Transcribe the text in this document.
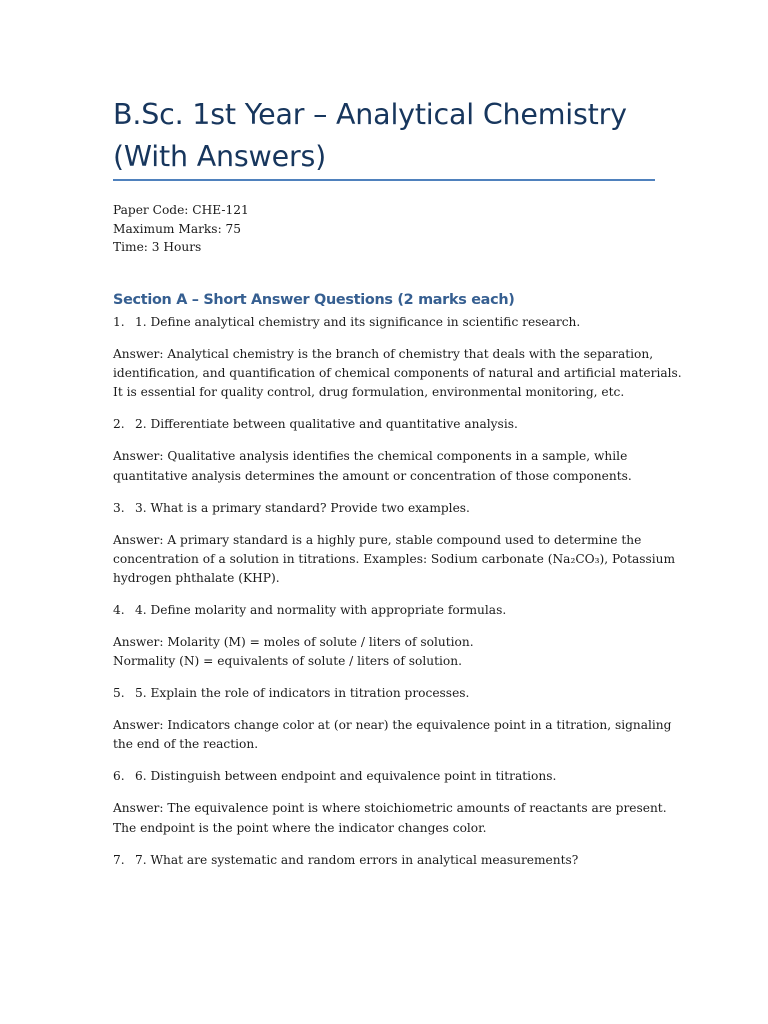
B.Sc. 1st Year – Analytical Chemistry (With Answers)
Paper Code: CHE-121
Maximum Marks: 75
Time: 3 Hours
Section A – Short Answer Questions (2 marks each)
1. 1. Define analytical chemistry and its significance in scientific research.
Answer: Analytical chemistry is the branch of chemistry that deals with the separation,
identification, and quantification of chemical components of natural and artificial materials.
It is essential for quality control, drug formulation, environmental monitoring, etc.
2. 2. Differentiate between qualitative and quantitative analysis.
Answer: Qualitative analysis identifies the chemical components in a sample, while
quantitative analysis determines the amount or concentration of those components.
3. 3. What is a primary standard? Provide two examples.
Answer: A primary standard is a highly pure, stable compound used to determine the
concentration of a solution in titrations. Examples: Sodium carbonate (Na₂CO₃), Potassium
hydrogen phthalate (KHP).
4. 4. Define molarity and normality with appropriate formulas.
Answer: Molarity (M) = moles of solute / liters of solution.
Normality (N) = equivalents of solute / liters of solution.
5. 5. Explain the role of indicators in titration processes.
Answer: Indicators change color at (or near) the equivalence point in a titration, signaling
the end of the reaction.
6. 6. Distinguish between endpoint and equivalence point in titrations.
Answer: The equivalence point is where stoichiometric amounts of reactants are present.
The endpoint is the point where the indicator changes color.
7. 7. What are systematic and random errors in analytical measurements?
